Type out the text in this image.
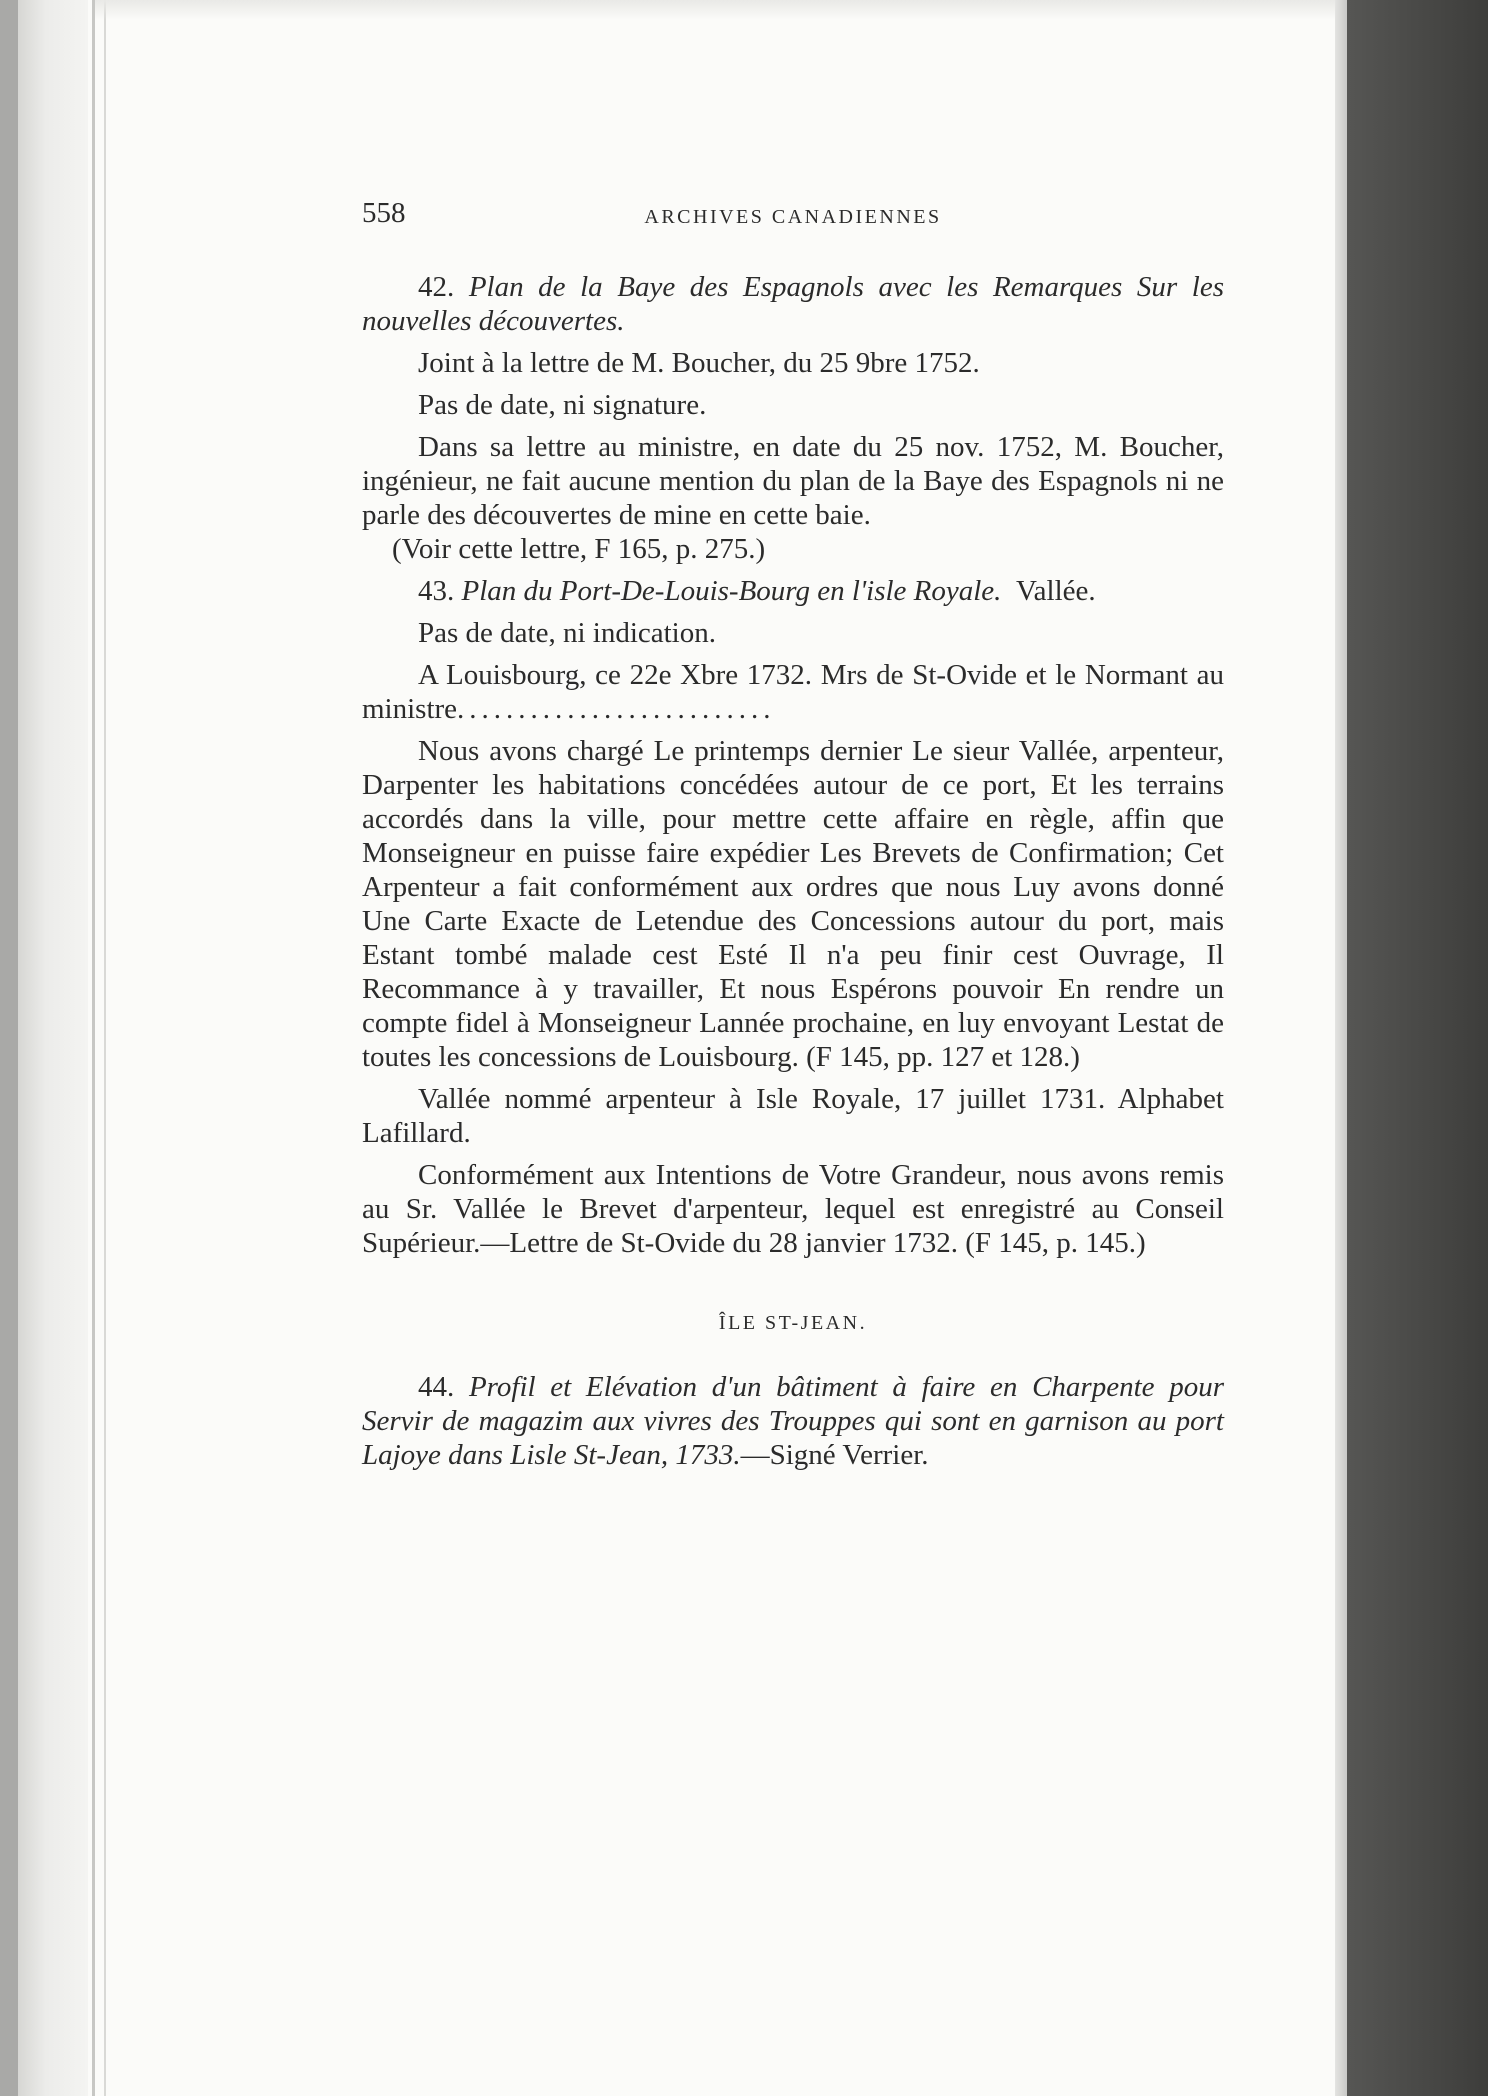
558	ARCHIVES CANADIENNES

42. Plan de la Baye des Espagnols avec les Remarques Sur les nouvelles découvertes.

Joint à la lettre de M. Boucher, du 25 9bre 1752.

Pas de date, ni signature.

Dans sa lettre au ministre, en date du 25 nov. 1752, M. Boucher, ingénieur, ne fait aucune mention du plan de la Baye des Espagnols ni ne parle des découvertes de mine en cette baie.

(Voir cette lettre, F 165, p. 275.)

43. Plan du Port-De-Louis-Bourg en l'isle Royale. Vallée.

Pas de date, ni indication.

A Louisbourg, ce 22e Xbre 1732. Mrs de St-Ovide et le Normant au ministre..........................

Nous avons chargé Le printemps dernier Le sieur Vallée, arpenteur, Darpenter les habitations concédées autour de ce port, Et les terrains accordés dans la ville, pour mettre cette affaire en règle, affin que Monseigneur en puisse faire expédier Les Brevets de Confirmation; Cet Arpenteur a fait conformément aux ordres que nous Luy avons donné Une Carte Exacte de Letendue des Concessions autour du port, mais Estant tombé malade cest Esté Il n'a peu finir cest Ouvrage, Il Recommance à y travailler, Et nous Espérons pouvoir En rendre un compte fidel à Monseigneur Lannée prochaine, en luy envoyant Lestat de toutes les concessions de Louisbourg. (F 145, pp. 127 et 128.)

Vallée nommé arpenteur à Isle Royale, 17 juillet 1731. Alphabet Lafillard.

Conformément aux Intentions de Votre Grandeur, nous avons remis au Sr. Vallée le Brevet d'arpenteur, lequel est enregistré au Conseil Supérieur.—Lettre de St-Ovide du 28 janvier 1732. (F 145, p. 145.)

ÎLE ST-JEAN.

44. Profil et Elévation d'un bâtiment à faire en Charpente pour Servir de magazim aux vivres des Trouppes qui sont en garnison au port Lajoye dans Lisle St-Jean, 1733.—Signé Verrier.
